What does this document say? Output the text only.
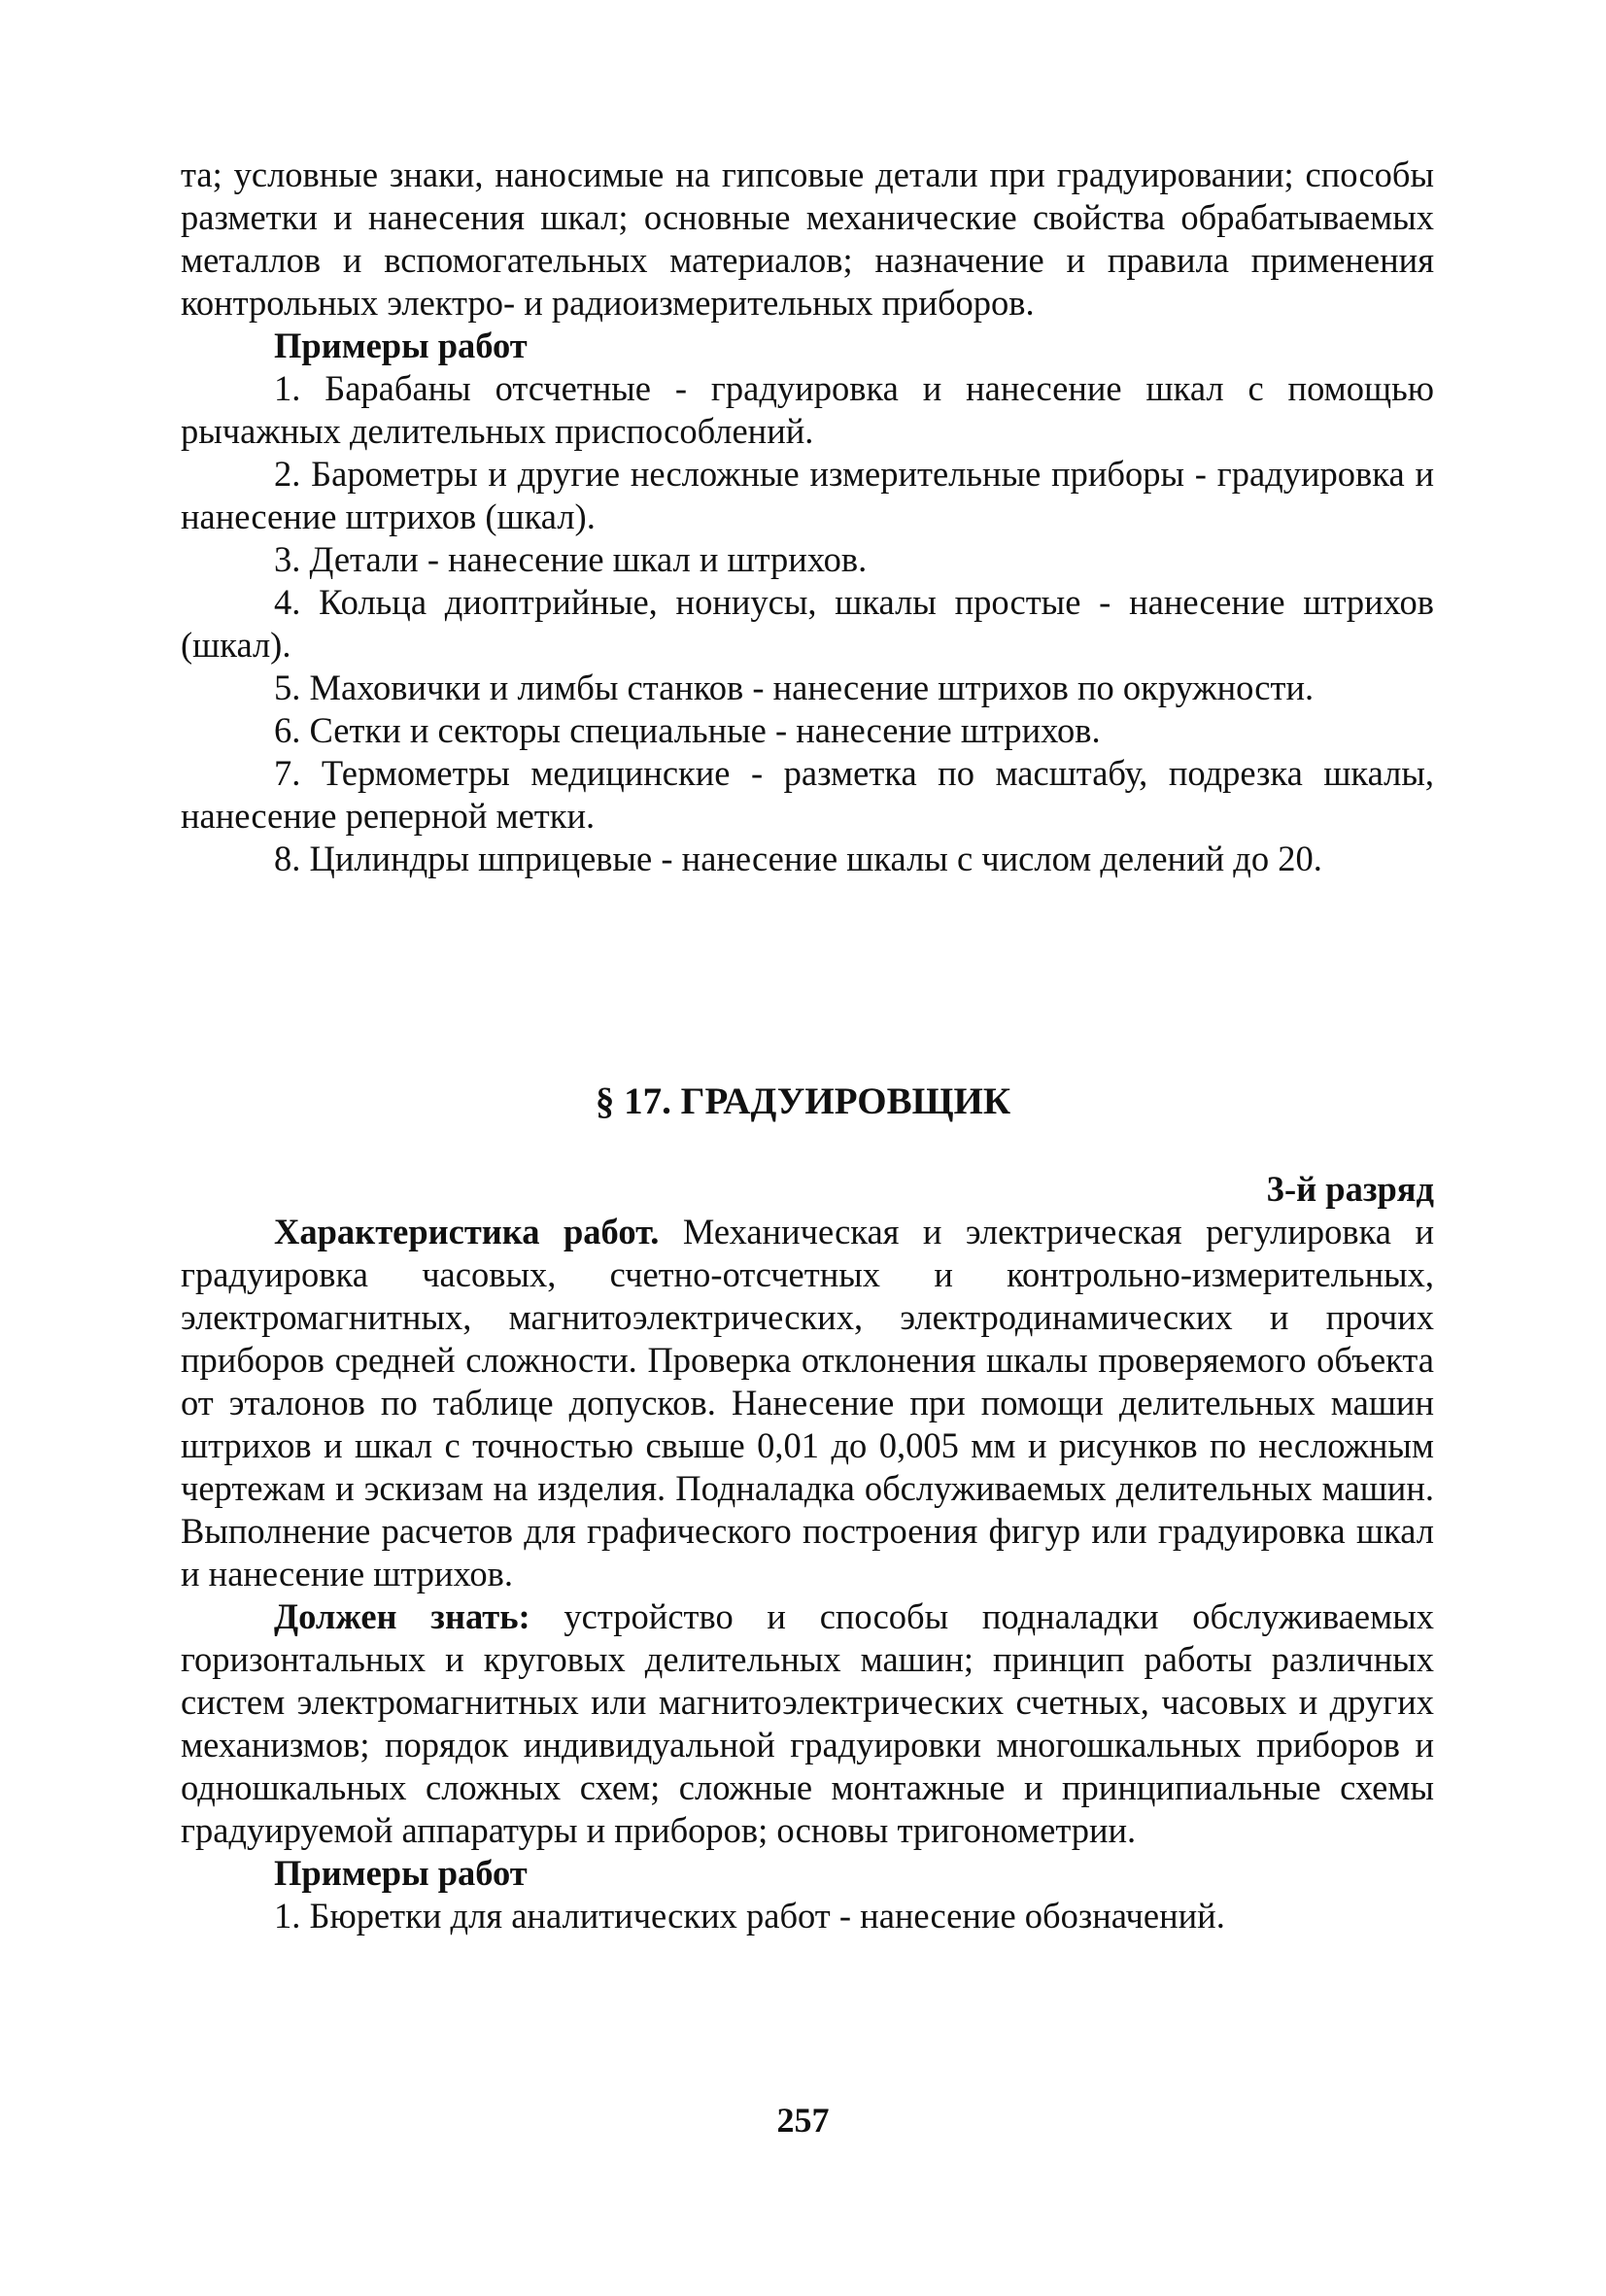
та; условные знаки, наносимые на гипсовые детали при градуировании; способы разметки и нанесения шкал; основные механические свойства обрабатываемых металлов и вспомогательных материалов; назначение и правила применения контрольных электро- и радиоизмерительных приборов.

Примеры работ

1. Барабаны отсчетные - градуировка и нанесение шкал с помощью рычажных делительных приспособлений.

2. Барометры и другие несложные измерительные приборы - градуировка и нанесение штрихов (шкал).

3. Детали - нанесение шкал и штрихов.

4. Кольца диоптрийные, нониусы, шкалы простые - нанесение штрихов (шкал).

5. Маховички и лимбы станков - нанесение штрихов по окружности.

6. Сетки и секторы специальные - нанесение штрихов.

7. Термометры медицинские - разметка по масштабу, подрезка шкалы, нанесение реперной метки.

8. Цилиндры шприцевые - нанесение шкалы с числом делений до 20.

§ 17. ГРАДУИРОВЩИК

3-й разряд

Характеристика работ. Механическая и электрическая регулировка и градуировка часовых, счетно-отсчетных и контрольно-измерительных, электромагнитных, магнитоэлектрических, электродинамических и прочих приборов средней сложности. Проверка отклонения шкалы проверяемого объекта от эталонов по таблице допусков. Нанесение при помощи делительных машин штрихов и шкал с точностью свыше 0,01 до 0,005 мм и рисунков по несложным чертежам и эскизам на изделия. Подналадка обслуживаемых делительных машин. Выполнение расчетов для графического построения фигур или градуировка шкал и нанесение штрихов.

Должен знать: устройство и способы подналадки обслуживаемых горизонтальных и круговых делительных машин; принцип работы различных систем электромагнитных или магнитоэлектрических счетных, часовых и других механизмов; порядок индивидуальной градуировки многошкальных приборов и одношкальных сложных схем; сложные монтажные и принципиальные схемы градуируемой аппаратуры и приборов; основы тригонометрии.

Примеры работ

1. Бюретки для аналитических работ - нанесение обозначений.

257
